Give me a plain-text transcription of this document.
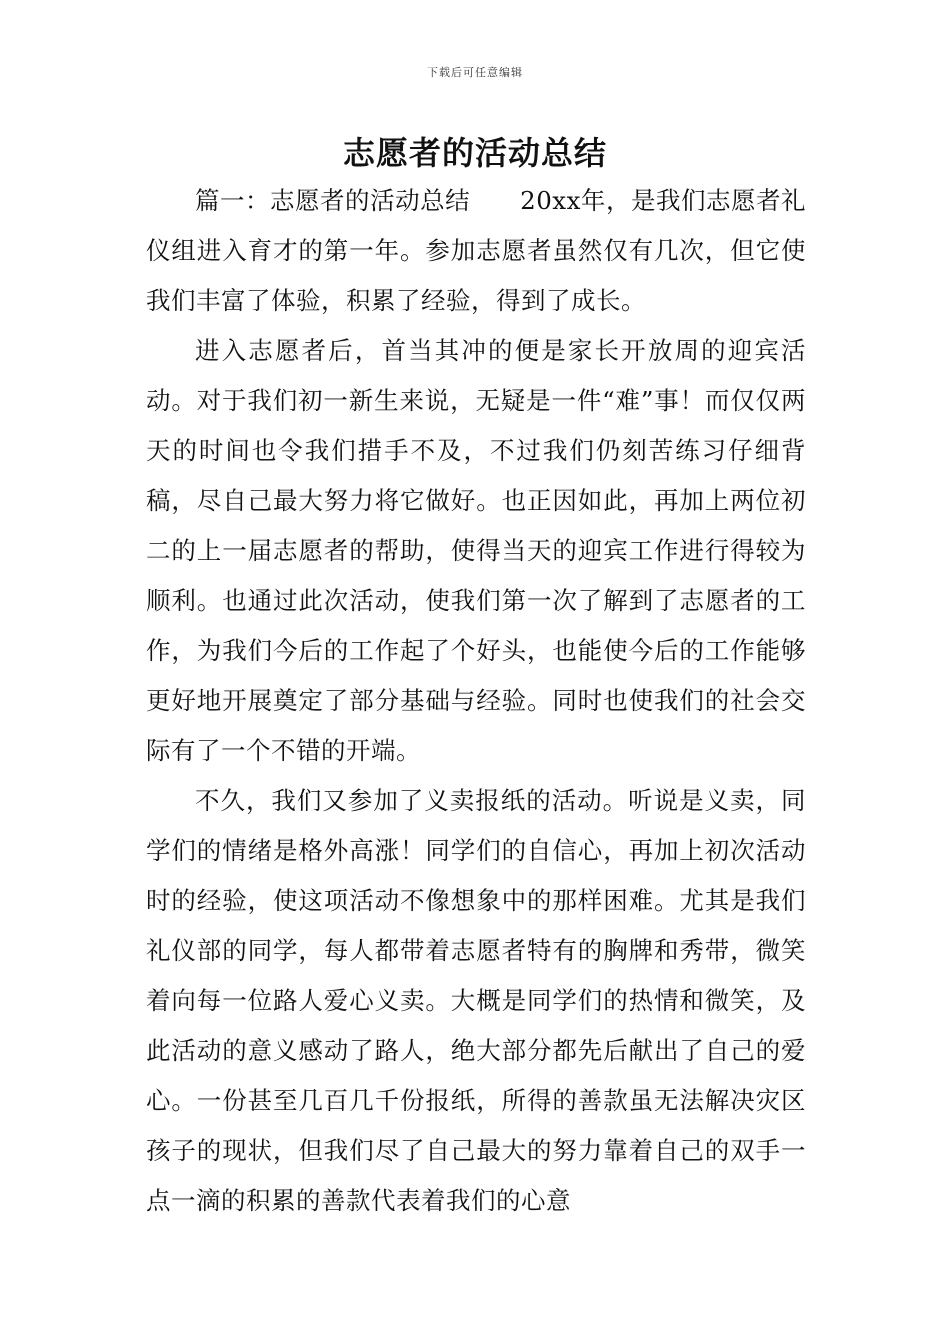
下载后可任意编辑
志愿者的活动总结

篇一：志愿者的活动总结 20xx年，是我们志愿者礼仪组进入育才的第一年。参加志愿者虽然仅有几次，但它使我们丰富了体验，积累了经验，得到了成长。

进入志愿者后，首当其冲的便是家长开放周的迎宾活动。对于我们初一新生来说，无疑是一件“难”事！而仅仅两天的时间也令我们措手不及，不过我们仍刻苦练习仔细背稿，尽自己最大努力将它做好。也正因如此，再加上两位初二的上一届志愿者的帮助，使得当天的迎宾工作进行得较为顺利。也通过此次活动，使我们第一次了解到了志愿者的工作，为我们今后的工作起了个好头，也能使今后的工作能够更好地开展奠定了部分基础与经验。同时也使我们的社会交际有了一个不错的开端。

不久，我们又参加了义卖报纸的活动。听说是义卖，同学们的情绪是格外高涨！同学们的自信心，再加上初次活动时的经验，使这项活动不像想象中的那样困难。尤其是我们礼仪部的同学，每人都带着志愿者特有的胸牌和秀带，微笑着向每一位路人爱心义卖。大概是同学们的热情和微笑，及此活动的意义感动了路人，绝大部分都先后献出了自己的爱心。一份甚至几百几千份报纸，所得的善款虽无法解决灾区孩子的现状，但我们尽了自己最大的努力靠着自己的双手一点一滴的积累的善款代表着我们的心意
